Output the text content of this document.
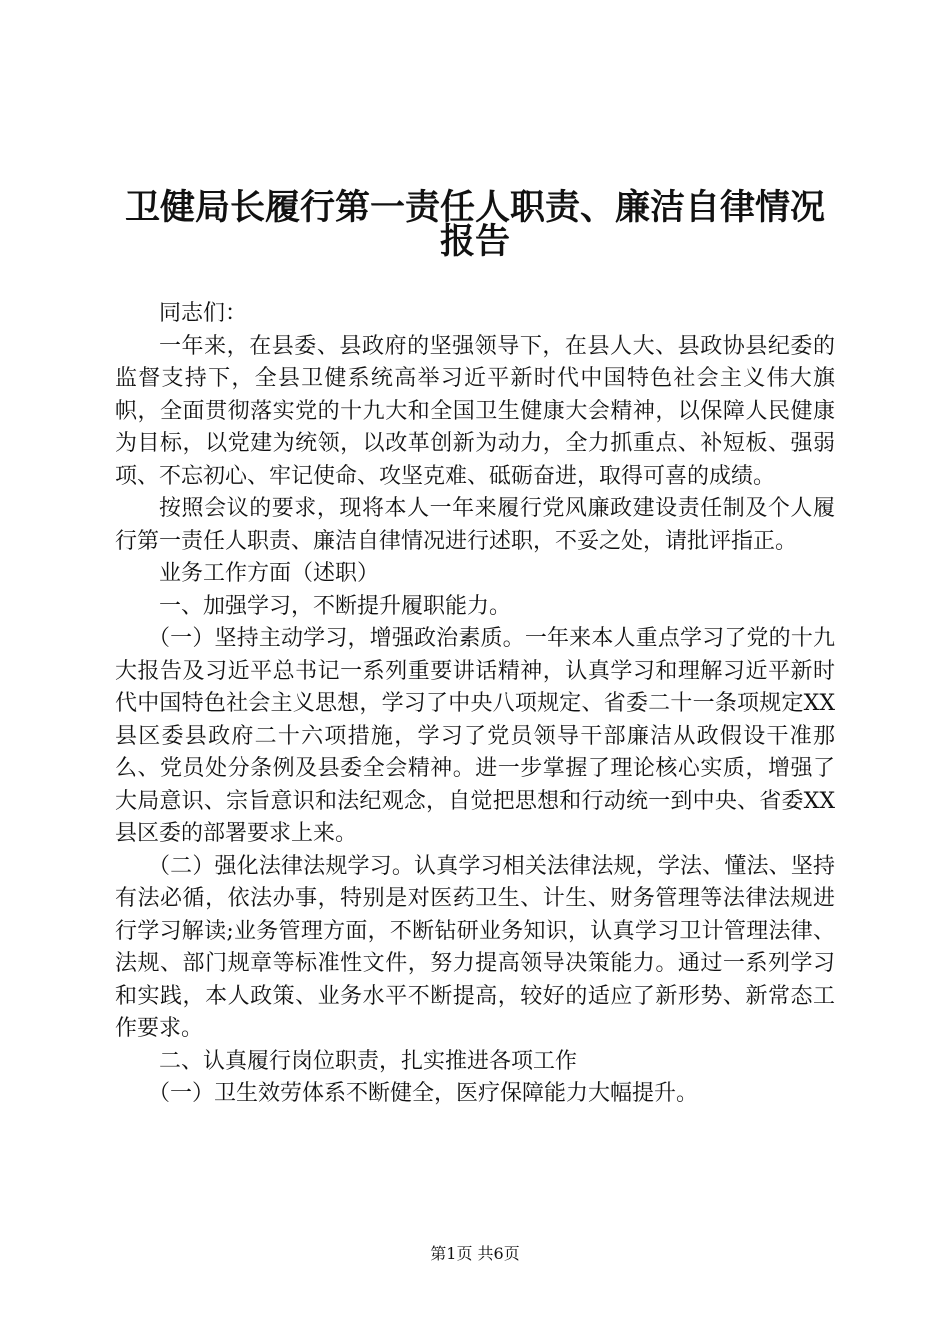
卫健局长履行第一责任人职责、廉洁自律情况
报告

同志们：

一年来，在县委、县政府的坚强领导下，在县人大、县政协县纪委的监督支持下，全县卫健系统高举习近平新时代中国特色社会主义伟大旗帜，全面贯彻落实党的十九大和全国卫生健康大会精神，以保障人民健康为目标，以党建为统领，以改革创新为动力，全力抓重点、补短板、强弱项、不忘初心、牢记使命、攻坚克难、砥砺奋进，取得可喜的成绩。

按照会议的要求，现将本人一年来履行党风廉政建设责任制及个人履行第一责任人职责、廉洁自律情况进行述职，不妥之处，请批评指正。

业务工作方面（述职）

一、加强学习，不断提升履职能力。

（一）坚持主动学习，增强政治素质。一年来本人重点学习了党的十九大报告及习近平总书记一系列重要讲话精神，认真学习和理解习近平新时代中国特色社会主义思想，学习了中央八项规定、省委二十一条项规定XX县区委县政府二十六项措施，学习了党员领导干部廉洁从政假设干准那么、党员处分条例及县委全会精神。进一步掌握了理论核心实质，增强了大局意识、宗旨意识和法纪观念，自觉把思想和行动统一到中央、省委XX县区委的部署要求上来。

（二）强化法律法规学习。认真学习相关法律法规，学法、懂法、坚持有法必循，依法办事，特别是对医药卫生、计生、财务管理等法律法规进行学习解读;业务管理方面，不断钻研业务知识，认真学习卫计管理法律、法规、部门规章等标准性文件，努力提高领导决策能力。通过一系列学习和实践，本人政策、业务水平不断提高，较好的适应了新形势、新常态工作要求。

二、认真履行岗位职责，扎实推进各项工作

（一）卫生效劳体系不断健全，医疗保障能力大幅提升。

第1页 共6页
